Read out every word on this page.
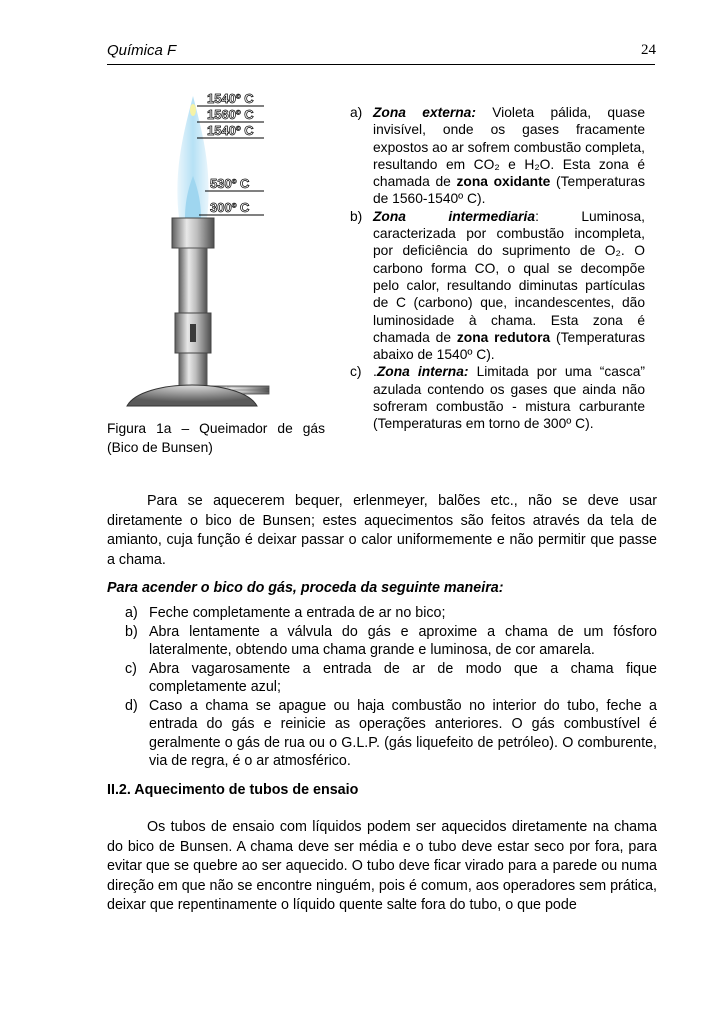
Química F	24
1540º C
1560º C
1540º C
530º C
300º C
Figura 1a – Queimador de gás (Bico de Bunsen)
a) Zona externa: Violeta pálida, quase invisível, onde os gases fracamente expostos ao ar sofrem combustão completa, resultando em CO₂ e H₂O. Esta zona é chamada de zona oxidante (Temperaturas de 1560-1540º C).
b) Zona intermediaria: Luminosa, caracterizada por combustão incompleta, por deficiência do suprimento de O₂. O carbono forma CO, o qual se decompõe pelo calor, resultando diminutas partículas de C (carbono) que, incandescentes, dão luminosidade à chama. Esta zona é chamada de zona redutora (Temperaturas abaixo de 1540º C).
c) .Zona interna: Limitada por uma “casca” azulada contendo os gases que ainda não sofreram combustão - mistura carburante (Temperaturas em torno de 300º C).
Para se aquecerem bequer, erlenmeyer, balões etc., não se deve usar diretamente o bico de Bunsen; estes aquecimentos são feitos através da tela de amianto, cuja função é deixar passar o calor uniformemente e não permitir que passe a chama.
Para acender o bico do gás, proceda da seguinte maneira:
a) Feche completamente a entrada de ar no bico;
b) Abra lentamente a válvula do gás e aproxime a chama de um fósforo lateralmente, obtendo uma chama grande e luminosa, de cor amarela.
c) Abra vagarosamente a entrada de ar de modo que a chama fique completamente azul;
d) Caso a chama se apague ou haja combustão no interior do tubo, feche a entrada do gás e reinicie as operações anteriores. O gás combustível é geralmente o gás de rua ou o G.L.P. (gás liquefeito de petróleo). O comburente, via de regra, é o ar atmosférico.
II.2. Aquecimento de tubos de ensaio
Os tubos de ensaio com líquidos podem ser aquecidos diretamente na chama do bico de Bunsen. A chama deve ser média e o tubo deve estar seco por fora, para evitar que se quebre ao ser aquecido. O tubo deve ficar virado para a parede ou numa direção em que não se encontre ninguém, pois é comum, aos operadores sem prática, deixar que repentinamente o líquido quente salte fora do tubo, o que pode
